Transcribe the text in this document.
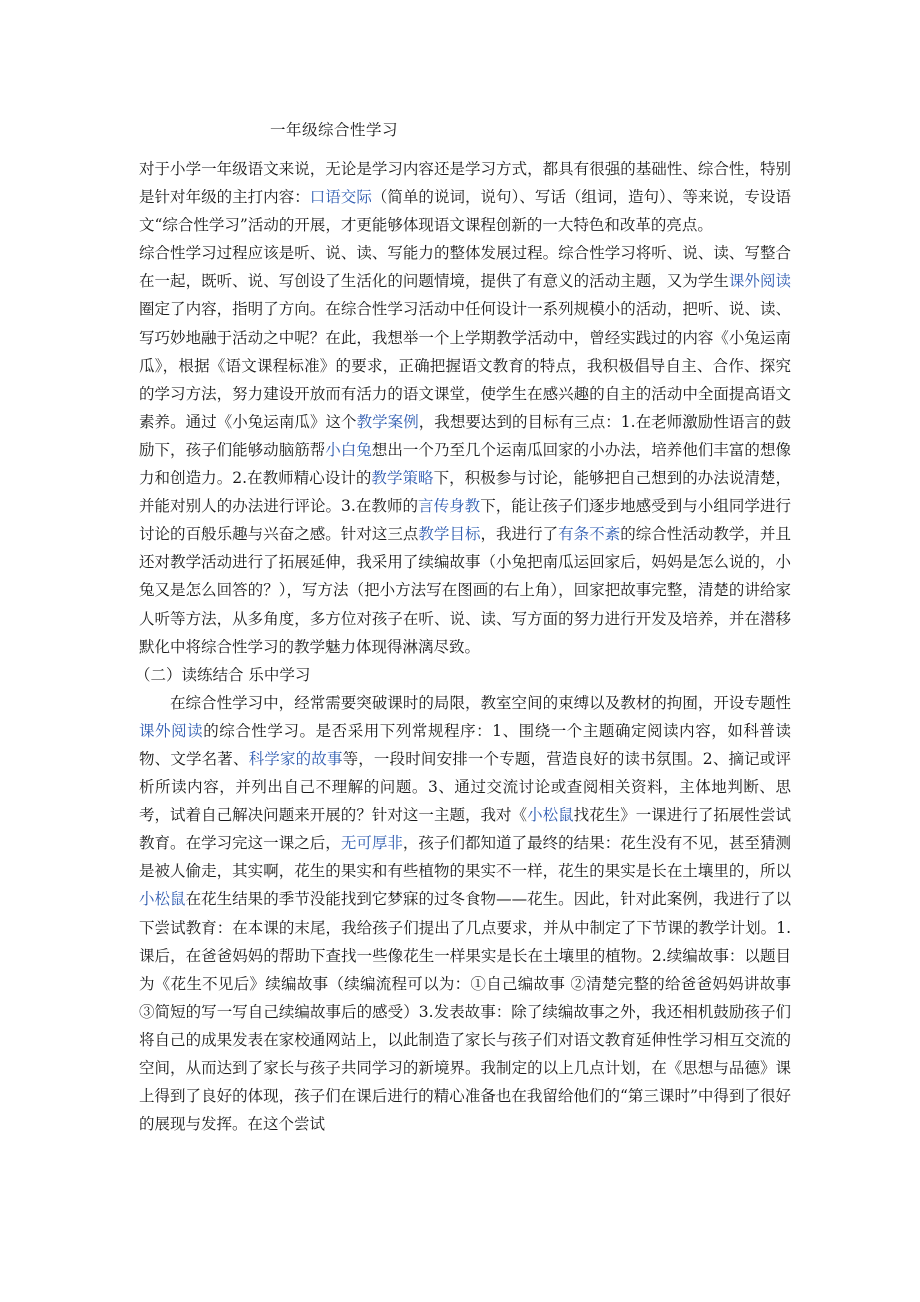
一年级综合性学习

对于小学一年级语文来说，无论是学习内容还是学习方式，都具有很强的基础性、综合性，特别是针对年级的主打内容：口语交际（简单的说词，说句）、写话（组词，造句）、等来说，专设语文“综合性学习”活动的开展，才更能够体现语文课程创新的一大特色和改革的亮点。

综合性学习过程应该是听、说、读、写能力的整体发展过程。综合性学习将听、说、读、写整合在一起，既听、说、写创设了生活化的问题情境，提供了有意义的活动主题，又为学生课外阅读圈定了内容，指明了方向。在综合性学习活动中任何设计一系列规模小的活动，把听、说、读、写巧妙地融于活动之中呢？在此，我想举一个上学期教学活动中，曾经实践过的内容《小兔运南瓜》，根据《语文课程标准》的要求，正确把握语文教育的特点，我积极倡导自主、合作、探究的学习方法，努力建设开放而有活力的语文课堂，使学生在感兴趣的自主的活动中全面提高语文素养。通过《小兔运南瓜》这个教学案例，我想要达到的目标有三点：1.在老师激励性语言的鼓励下，孩子们能够动脑筋帮小白兔想出一个乃至几个运南瓜回家的小办法，培养他们丰富的想像力和创造力。2.在教师精心设计的教学策略下，积极参与讨论，能够把自己想到的办法说清楚，并能对别人的办法进行评论。3.在教师的言传身教下，能让孩子们逐步地感受到与小组同学进行讨论的百般乐趣与兴奋之感。针对这三点教学目标，我进行了有条不紊的综合性活动教学，并且还对教学活动进行了拓展延伸，我采用了续编故事（小兔把南瓜运回家后，妈妈是怎么说的，小兔又是怎么回答的？），写方法（把小方法写在图画的右上角），回家把故事完整，清楚的讲给家人听等方法，从多角度，多方位对孩子在听、说、读、写方面的努力进行开发及培养，并在潜移默化中将综合性学习的教学魅力体现得淋漓尽致。

（二）读练结合 乐中学习

在综合性学习中，经常需要突破课时的局限，教室空间的束缚以及教材的拘囿，开设专题性课外阅读的综合性学习。是否采用下列常规程序：1、围绕一个主题确定阅读内容，如科普读物、文学名著、科学家的故事等，一段时间安排一个专题，营造良好的读书氛围。2、摘记或评析所读内容，并列出自己不理解的问题。3、通过交流讨论或查阅相关资料，主体地判断、思考，试着自己解决问题来开展的？针对这一主题，我对《小松鼠找花生》一课进行了拓展性尝试教育。在学习完这一课之后，无可厚非，孩子们都知道了最终的结果：花生没有不见，甚至猜测是被人偷走，其实啊，花生的果实和有些植物的果实不一样，花生的果实是长在土壤里的，所以小松鼠在花生结果的季节没能找到它梦寐的过冬食物——花生。因此，针对此案例，我进行了以下尝试教育：在本课的末尾，我给孩子们提出了几点要求，并从中制定了下节课的教学计划。1.课后，在爸爸妈妈的帮助下查找一些像花生一样果实是长在土壤里的植物。2.续编故事：以题目为《花生不见后》续编故事（续编流程可以为：①自己编故事 ②清楚完整的给爸爸妈妈讲故事 ③简短的写一写自己续编故事后的感受）3.发表故事：除了续编故事之外，我还相机鼓励孩子们将自己的成果发表在家校通网站上，以此制造了家长与孩子们对语文教育延伸性学习相互交流的空间，从而达到了家长与孩子共同学习的新境界。我制定的以上几点计划，在《思想与品德》课上得到了良好的体现，孩子们在课后进行的精心准备也在我留给他们的“第三课时”中得到了很好的展现与发挥。在这个尝试
